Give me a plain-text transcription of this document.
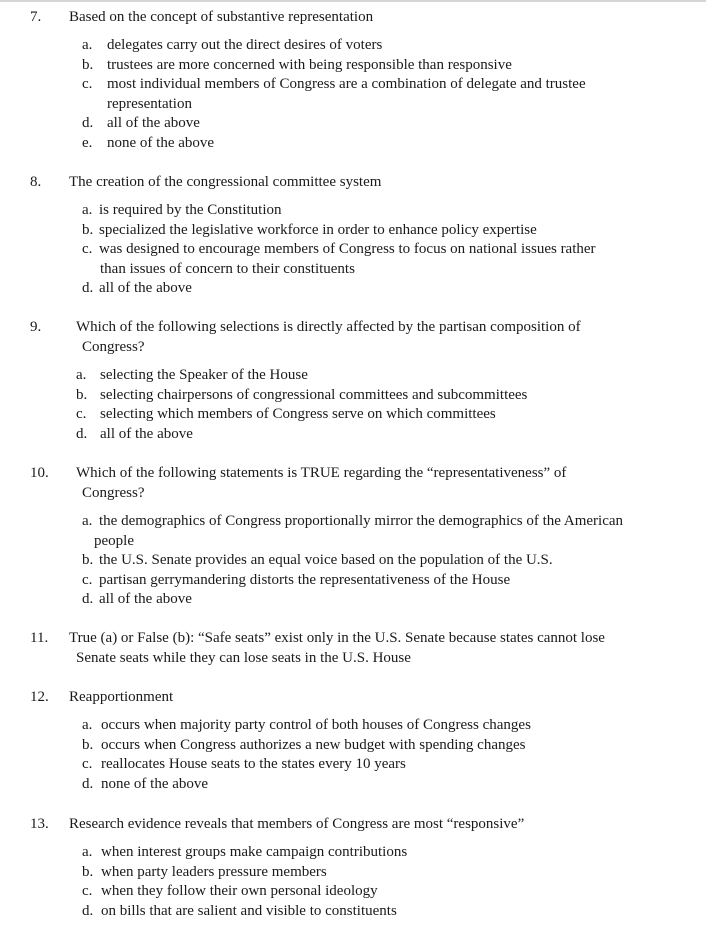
7. Based on the concept of substantive representation
a. delegates carry out the direct desires of voters
b. trustees are more concerned with being responsible than responsive
c. most individual members of Congress are a combination of delegate and trustee
representation
d. all of the above
e. none of the above
8. The creation of the congressional committee system
a. is required by the Constitution
b. specialized the legislative workforce in order to enhance policy expertise
c. was designed to encourage members of Congress to focus on national issues rather
than issues of concern to their constituents
d. all of the above
9. Which of the following selections is directly affected by the partisan composition of
Congress?
a. selecting the Speaker of the House
b. selecting chairpersons of congressional committees and subcommittees
c. selecting which members of Congress serve on which committees
d. all of the above
10. Which of the following statements is TRUE regarding the “representativeness” of
Congress?
a. the demographics of Congress proportionally mirror the demographics of the American
people
b. the U.S. Senate provides an equal voice based on the population of the U.S.
c. partisan gerrymandering distorts the representativeness of the House
d. all of the above
11. True (a) or False (b): “Safe seats” exist only in the U.S. Senate because states cannot lose
Senate seats while they can lose seats in the U.S. House
12. Reapportionment
a. occurs when majority party control of both houses of Congress changes
b. occurs when Congress authorizes a new budget with spending changes
c. reallocates House seats to the states every 10 years
d. none of the above
13. Research evidence reveals that members of Congress are most “responsive”
a. when interest groups make campaign contributions
b. when party leaders pressure members
c. when they follow their own personal ideology
d. on bills that are salient and visible to constituents
